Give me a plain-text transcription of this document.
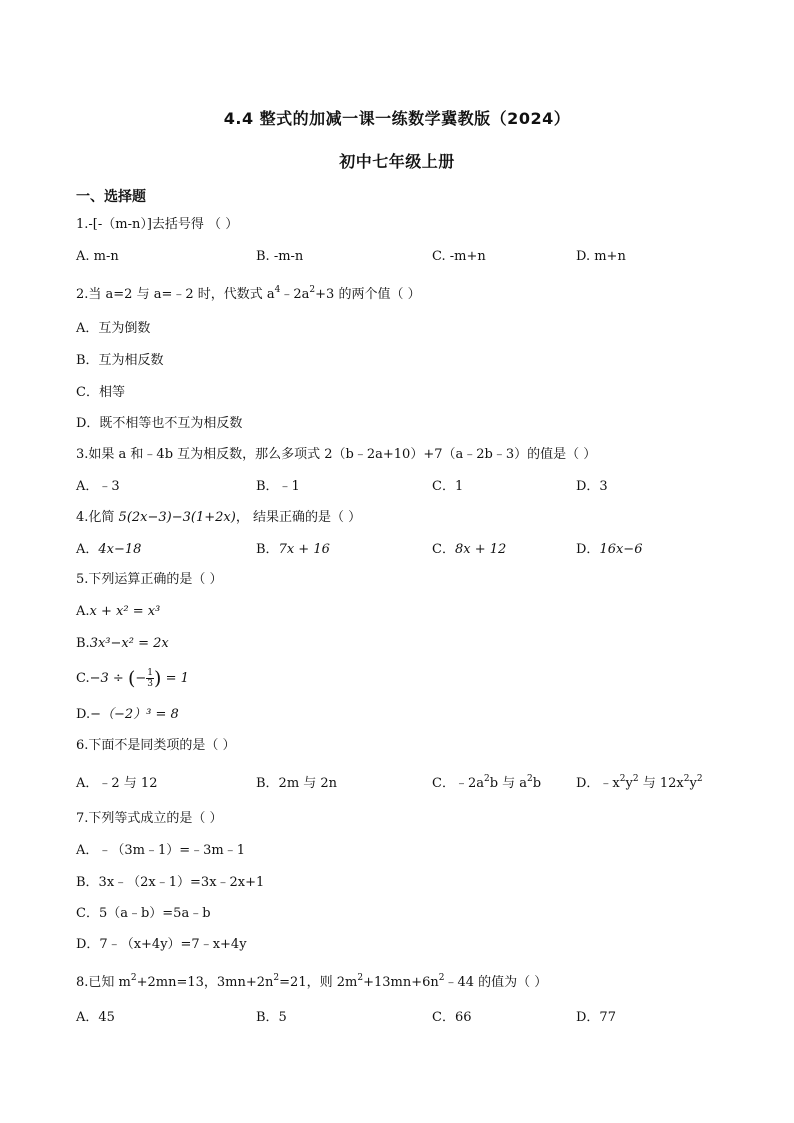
4.4 整式的加减一课一练数学冀教版（2024）
初中七年级上册
一、选择题
1.-[-（m-n）]去括号得 （ ）
A. m-n	B. -m-n	C. -m+n	D. m+n
2.当 a=2 与 a=﹣2 时，代数式 $a^4﹣2a^2+3$ 的两个值（ ）
A．互为倒数
B．互为相反数
C．相等
D．既不相等也不互为相反数
3.如果 a 和﹣4b 互为相反数，那么多项式 2（b﹣2a+10）+7（a﹣2b﹣3）的值是（ ）
A．﹣3	B．﹣1	C．1	D．3
4.化简 5(2x−3)−3(1+2x)， 结果正确的是（ ）
A．4x−18	B．7x + 16	C．8x + 12	D．16x−6
5.下列运算正确的是（ ）
A.x + x² = x³
B.3x³−x² = 2x
C.−3 ÷ (− $\frac{1}{3}$ ) = 1
D.−（−2）³ = 8
6.下面不是同类项的是（ ）
A．﹣2 与 12	B．2m 与 2n	C．$﹣2a^2b$ 与 $a^2b$	D．$﹣x^2y^2$ 与 $12x^2y^2$
7.下列等式成立的是（ ）
A．﹣（3m﹣1）=﹣3m﹣1
B．3x﹣（2x﹣1）=3x﹣2x+1
C．5（a﹣b）=5a﹣b
D．7﹣（x+4y）=7﹣x+4y
8.已知 $m^2+2mn=13$，$3mn+2n^2=21$，则 $2m^2+13mn+6n^2﹣44$ 的值为（ ）
A．45	B．5	C．66	D．77
